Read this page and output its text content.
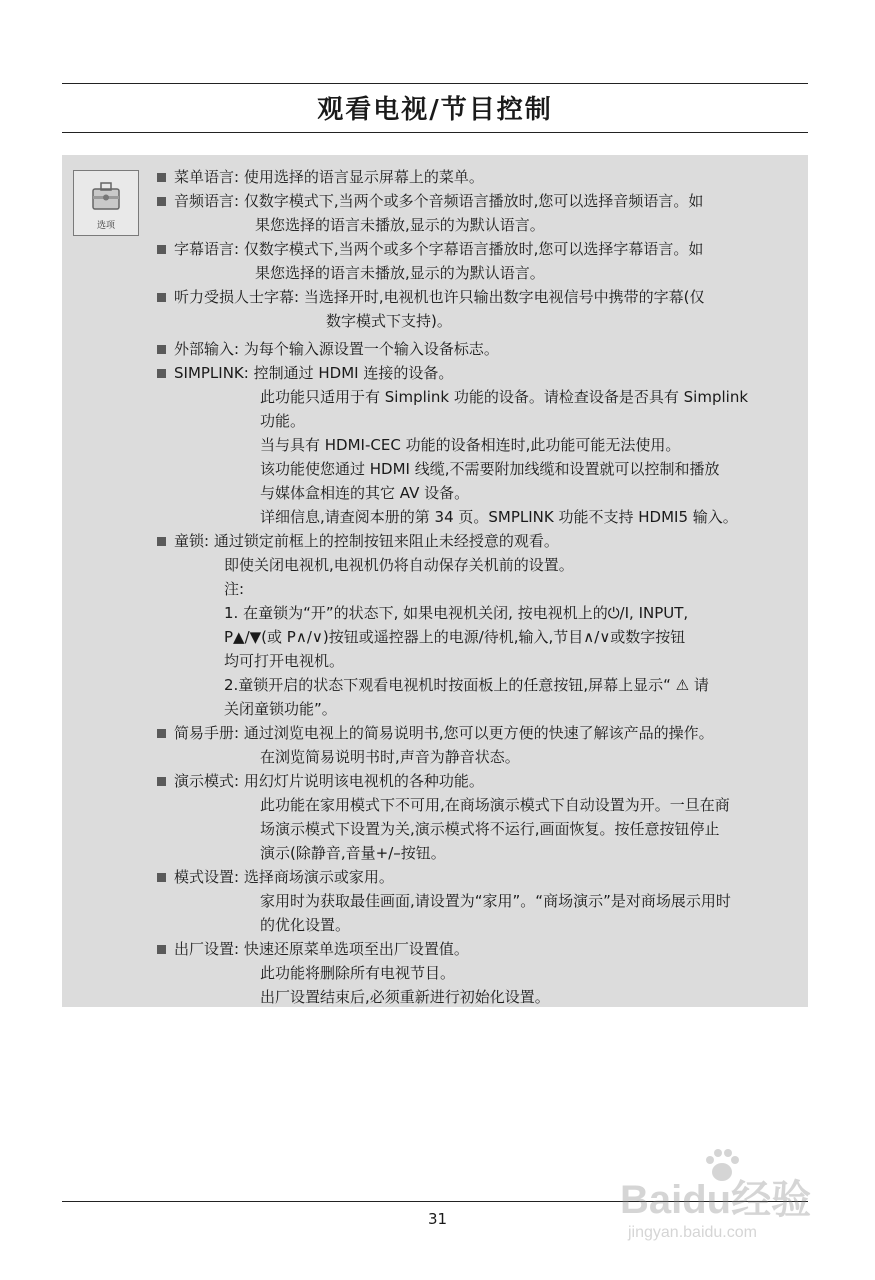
观看电视/节目控制
选项
菜单语言: 使用选择的语言显示屏幕上的菜单。
音频语言: 仅数字模式下,当两个或多个音频语言播放时,您可以选择音频语言。如
果您选择的语言未播放,显示的为默认语言。
字幕语言: 仅数字模式下,当两个或多个字幕语言播放时,您可以选择字幕语言。如
果您选择的语言未播放,显示的为默认语言。
听力受损人士字幕: 当选择开时,电视机也许只输出数字电视信号中携带的字幕(仅
数字模式下支持)。
外部输入: 为每个输入源设置一个输入设备标志。
SIMPLINK: 控制通过 HDMI 连接的设备。
此功能只适用于有 Simplink 功能的设备。请检查设备是否具有 Simplink
功能。
当与具有 HDMI-CEC 功能的设备相连时,此功能可能无法使用。
该功能使您通过 HDMI 线缆,不需要附加线缆和设置就可以控制和播放
与媒体盒相连的其它 AV 设备。
详细信息,请查阅本册的第 34 页。SMPLINK 功能不支持 HDMI5 输入。
童锁: 通过锁定前框上的控制按钮来阻止未经授意的观看。
即使关闭电视机,电视机仍将自动保存关机前的设置。
注:
1. 在童锁为“开”的状态下, 如果电视机关闭, 按电视机上的⏻/I, INPUT,
P▲/▼(或 P∧/∨)按钮或遥控器上的电源/待机,输入,节目∧/∨或数字按钮
均可打开电视机。
2.童锁开启的状态下观看电视机时按面板上的任意按钮,屏幕上显示“ ⚠ 请
关闭童锁功能”。
简易手册: 通过浏览电视上的简易说明书,您可以更方便的快速了解该产品的操作。
在浏览简易说明书时,声音为静音状态。
演示模式: 用幻灯片说明该电视机的各种功能。
此功能在家用模式下不可用,在商场演示模式下自动设置为开。一旦在商
场演示模式下设置为关,演示模式将不运行,画面恢复。按任意按钮停止
演示(除静音,音量+/–按钮。
模式设置: 选择商场演示或家用。
家用时为获取最佳画面,请设置为“家用”。“商场演示”是对商场展示用时
的优化设置。
出厂设置: 快速还原菜单选项至出厂设置值。
此功能将删除所有电视节目。
出厂设置结束后,必须重新进行初始化设置。
31	Baidu经验
jingyan.baidu.com
